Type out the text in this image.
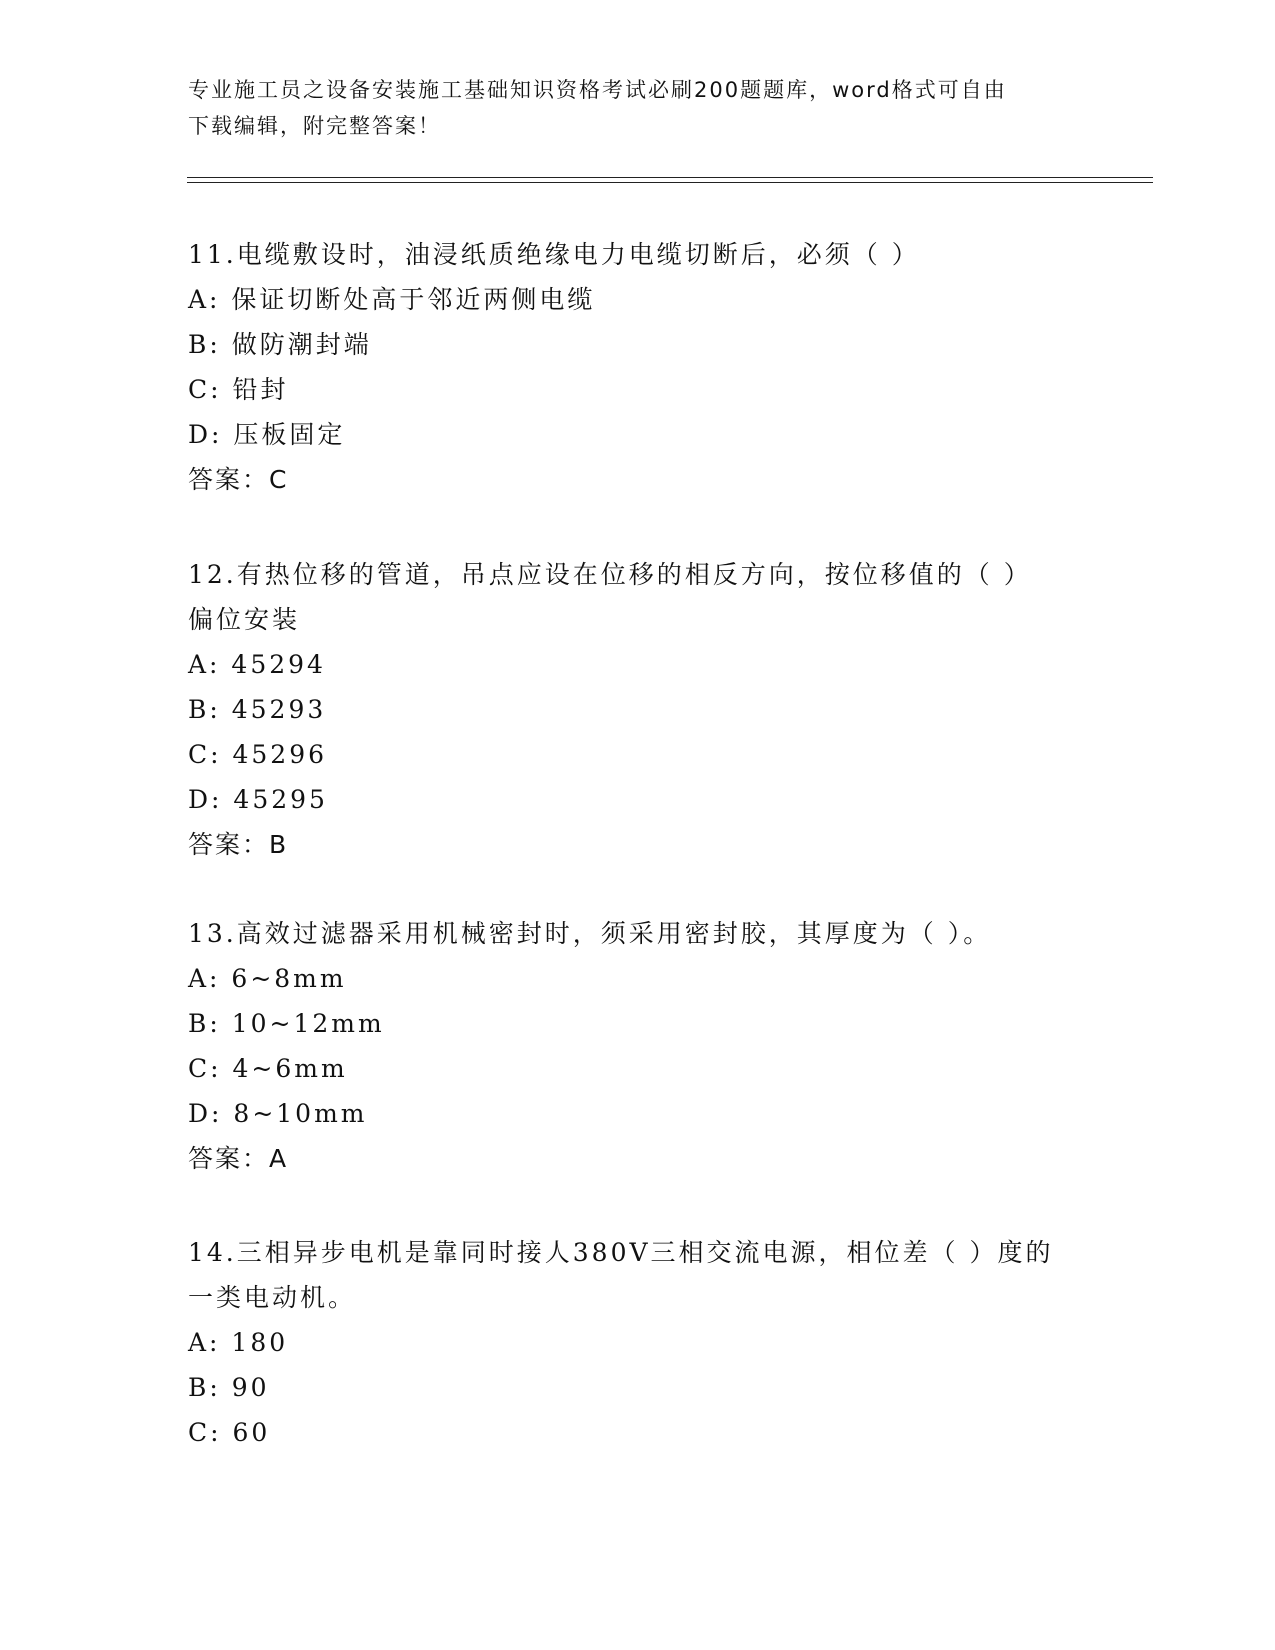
专业施工员之设备安装施工基础知识资格考试必刷200题题库，word格式可自由
下载编辑，附完整答案！
11.电缆敷设时，油浸纸质绝缘电力电缆切断后，必须（ ）
A: 保证切断处高于邻近两侧电缆
B: 做防潮封端
C: 铅封
D: 压板固定
答案：C
12.有热位移的管道，吊点应设在位移的相反方向，按位移值的（ ）
偏位安装
A: 45294
B: 45293
C: 45296
D: 45295
答案：B
13.高效过滤器采用机械密封时，须采用密封胶，其厚度为（ ）。
A: 6~8mm
B: 10~12mm
C: 4~6mm
D: 8~10mm
答案：A
14.三相异步电机是靠同时接人380V三相交流电源，相位差（ ）度的
一类电动机。
A: 180
B: 90
C: 60
